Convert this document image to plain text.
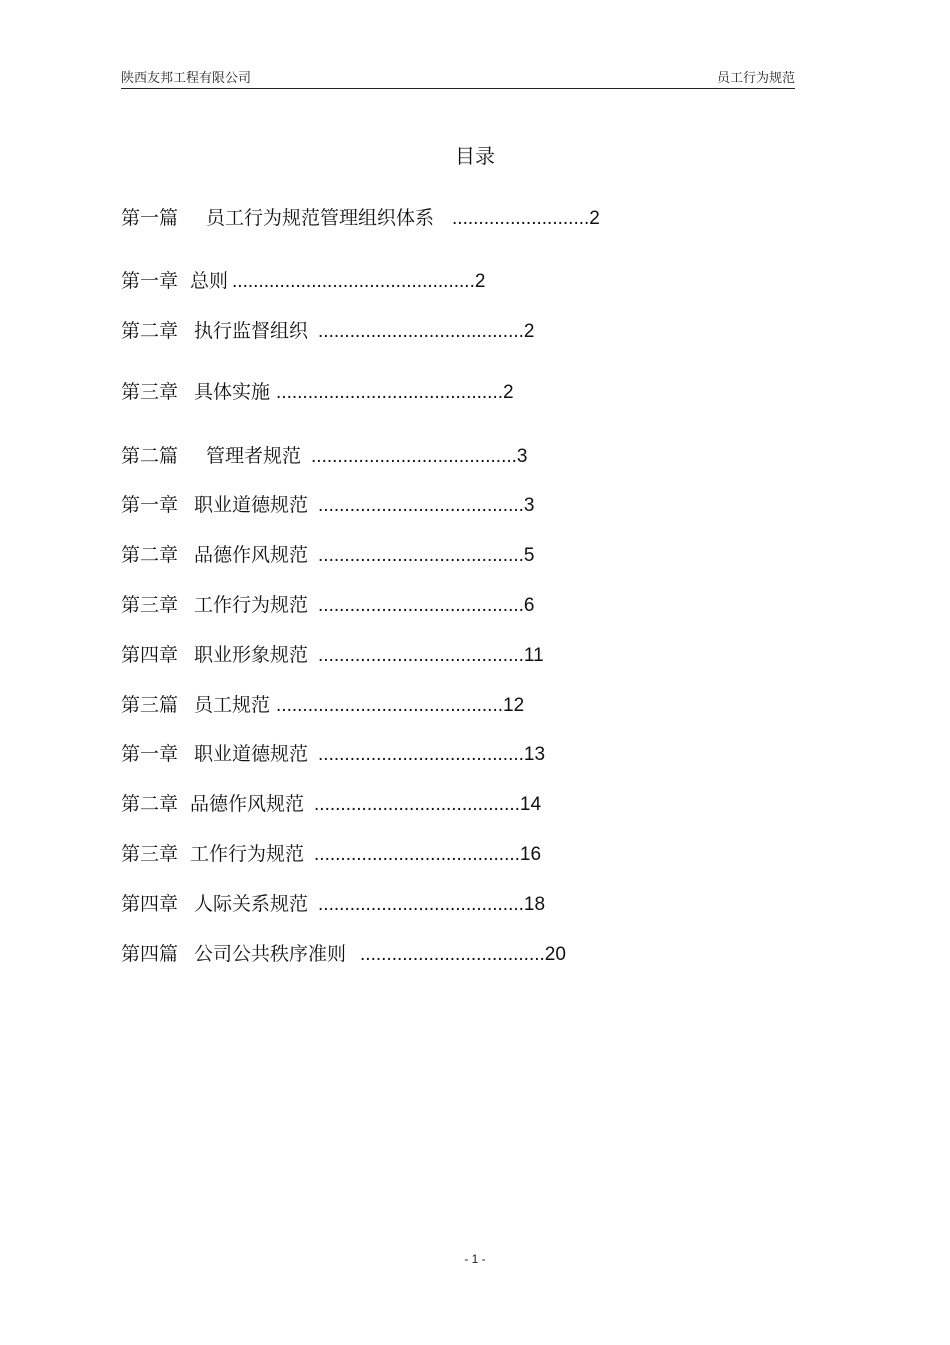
陕西友邦工程有限公司	员工行为规范
目录
第一篇 员工行为规范管理组织体系 ..........................2
第一章 总则 ..............................................2
第二章 执行监督组织 .......................................2
第三章 具体实施 ...........................................2
第二篇 管理者规范 .......................................3
第一章 职业道德规范 .......................................3
第二章 品德作风规范 .......................................5
第三章 工作行为规范 .......................................6
第四章 职业形象规范 .......................................11
第三篇 员工规范 ...........................................12
第一章 职业道德规范 .......................................13
第二章 品德作风规范 .......................................14
第三章 工作行为规范 .......................................16
第四章 人际关系规范 .......................................18
第四篇 公司公共秩序准则 ...................................20
- 1 -
